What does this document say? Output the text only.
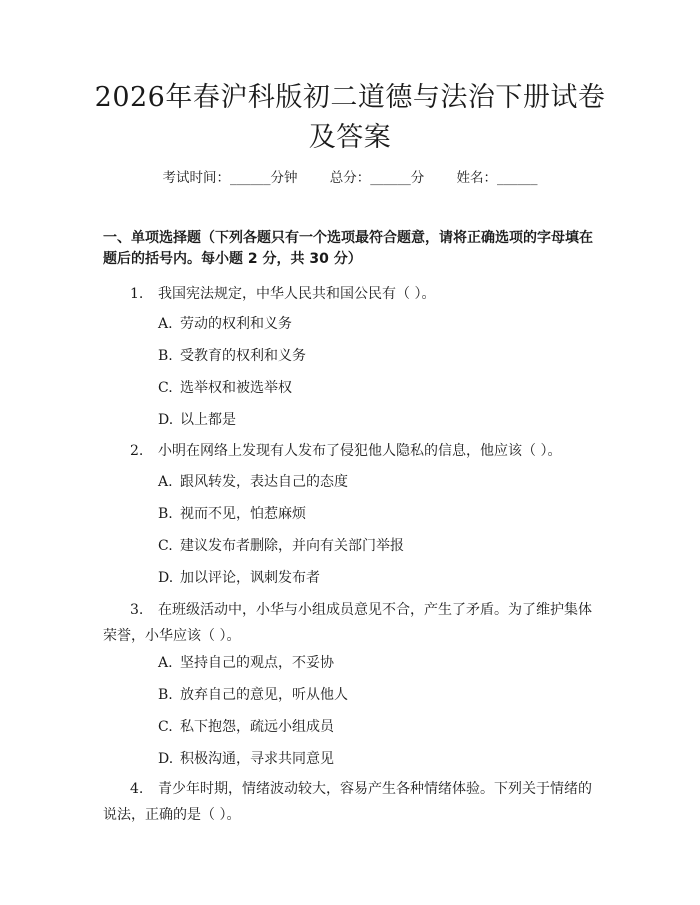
2026年春沪科版初二道德与法治下册试卷及答案
考试时间：______分钟 总分：______分 姓名：______
一、单项选择题（下列各题只有一个选项最符合题意，请将正确选项的字母填在题后的括号内。每小题 2 分，共 30 分）
1. 我国宪法规定，中华人民共和国公民有（ ）。
A. 劳动的权利和义务
B. 受教育的权利和义务
C. 选举权和被选举权
D. 以上都是
2. 小明在网络上发现有人发布了侵犯他人隐私的信息，他应该（ ）。
A. 跟风转发，表达自己的态度
B. 视而不见，怕惹麻烦
C. 建议发布者删除，并向有关部门举报
D. 加以评论，讽刺发布者
3. 在班级活动中，小华与小组成员意见不合，产生了矛盾。为了维护集体荣誉，小华应该（ ）。
A. 坚持自己的观点，不妥协
B. 放弃自己的意见，听从他人
C. 私下抱怨，疏远小组成员
D. 积极沟通，寻求共同意见
4. 青少年时期，情绪波动较大，容易产生各种情绪体验。下列关于情绪的说法，正确的是（ ）。
